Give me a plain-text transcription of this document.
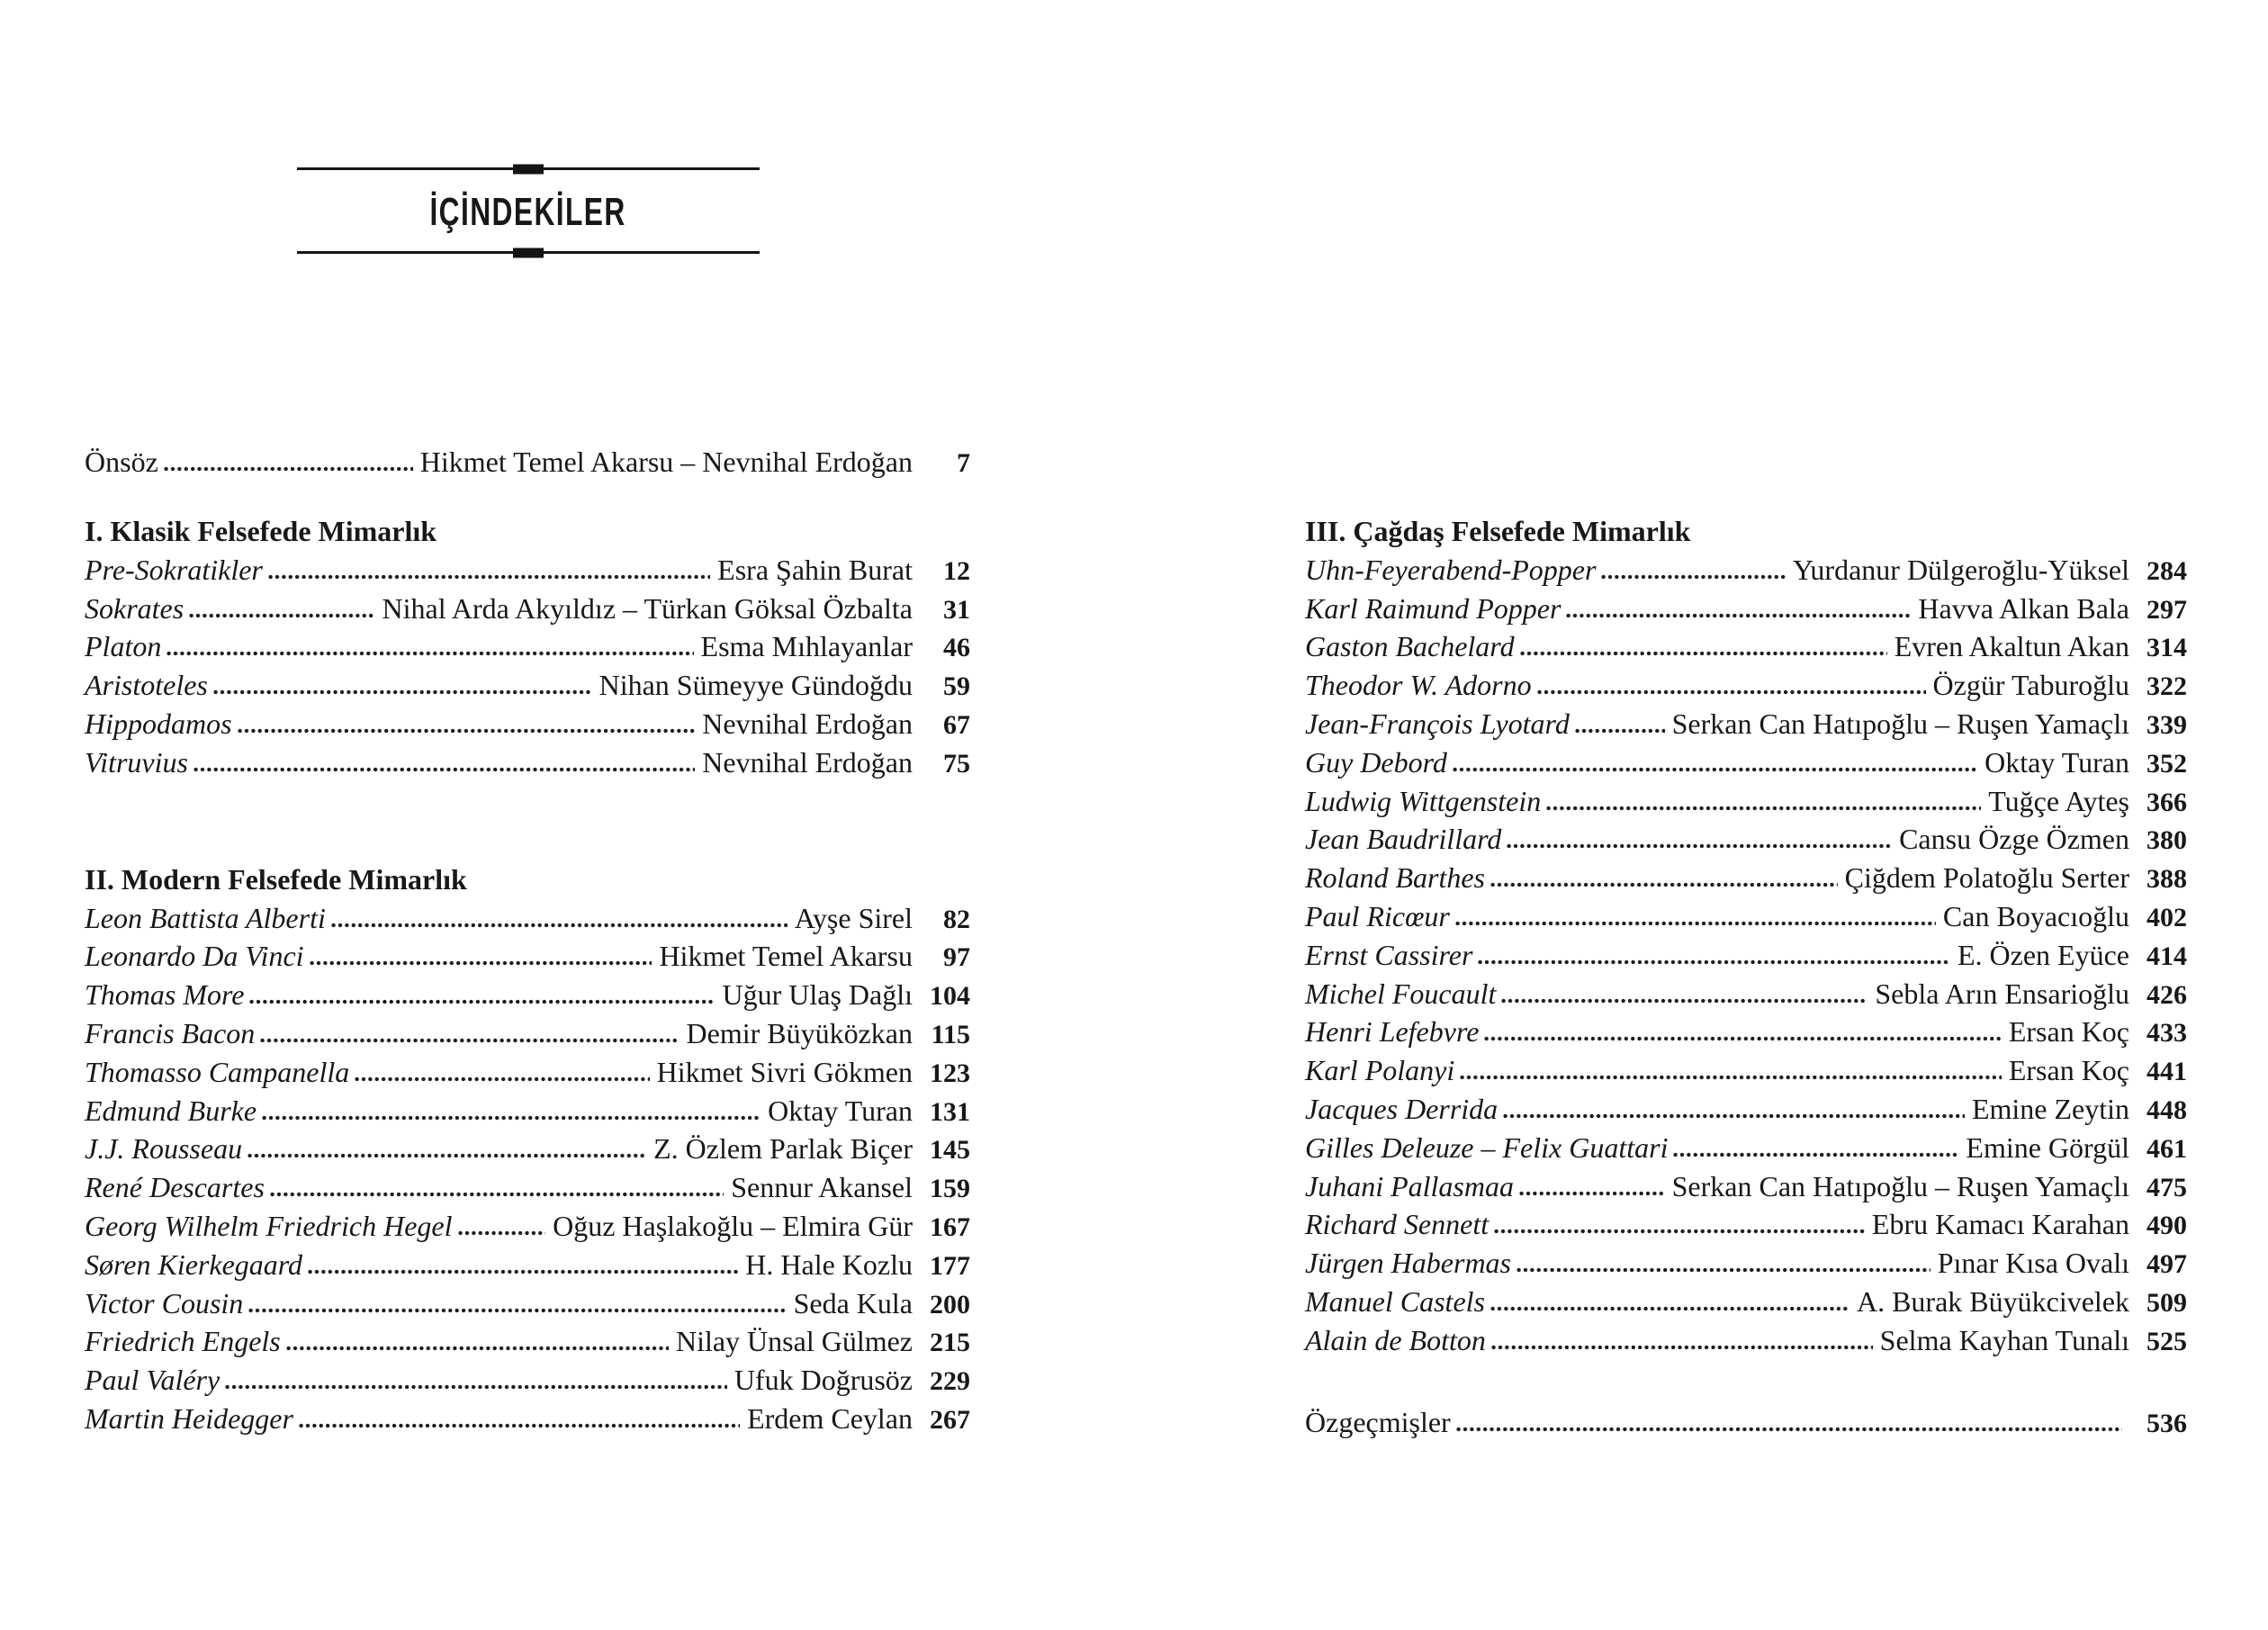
İÇİNDEKİLER
Önsöz	Hikmet Temel Akarsu – Nevnihal Erdoğan	7
I. Klasik Felsefede Mimarlık
Pre-Sokratikler	Esra Şahin Burat	12
Sokrates	Nihal Arda Akyıldız – Türkan Göksal Özbalta	31
Platon	Esma Mıhlayanlar	46
Aristoteles	Nihan Sümeyye Gündoğdu	59
Hippodamos	Nevnihal Erdoğan	67
Vitruvius	Nevnihal Erdoğan	75
II. Modern Felsefede Mimarlık
Leon Battista Alberti	Ayşe Sirel	82
Leonardo Da Vinci	Hikmet Temel Akarsu	97
Thomas More	Uğur Ulaş Dağlı 104
Francis Bacon	Demir Büyüközkan 115
Thomasso Campanella	Hikmet Sivri Gökmen 123
Edmund Burke	Oktay Turan 131
J.J. Rousseau	Z. Özlem Parlak Biçer 145
René Descartes	Sennur Akansel 159
Georg Wilhelm Friedrich Hegel	Oğuz Haşlakoğlu – Elmira Gür 167
Søren Kierkegaard	H. Hale Kozlu 177
Victor Cousin	Seda Kula 200
Friedrich Engels	Nilay Ünsal Gülmez 215
Paul Valéry	Ufuk Doğrusöz 229
Martin Heidegger	Erdem Ceylan 267
III. Çağdaş Felsefede Mimarlık
Uhn-Feyerabend-Popper	Yurdanur Dülgeroğlu-Yüksel 284
Karl Raimund Popper	Havva Alkan Bala 297
Gaston Bachelard	Evren Akaltun Akan 314
Theodor W. Adorno	Özgür Taburoğlu 322
Jean-François Lyotard	Serkan Can Hatıpoğlu – Ruşen Yamaçlı 339
Guy Debord	Oktay Turan 352
Ludwig Wittgenstein	Tuğçe Ayteş 366
Jean Baudrillard	Cansu Özge Özmen 380
Roland Barthes	Çiğdem Polatoğlu Serter 388
Paul Ricœur	Can Boyacıoğlu 402
Ernst Cassirer	E. Özen Eyüce 414
Michel Foucault	Sebla Arın Ensarioğlu 426
Henri Lefebvre	Ersan Koç 433
Karl Polanyi	Ersan Koç 441
Jacques Derrida	Emine Zeytin 448
Gilles Deleuze – Felix Guattari	Emine Görgül 461
Juhani Pallasmaa	Serkan Can Hatıpoğlu – Ruşen Yamaçlı 475
Richard Sennett	Ebru Kamacı Karahan 490
Jürgen Habermas	Pınar Kısa Ovalı 497
Manuel Castels	A. Burak Büyükcivelek 509
Alain de Botton	Selma Kayhan Tunalı 525
Özgeçmişler	536
